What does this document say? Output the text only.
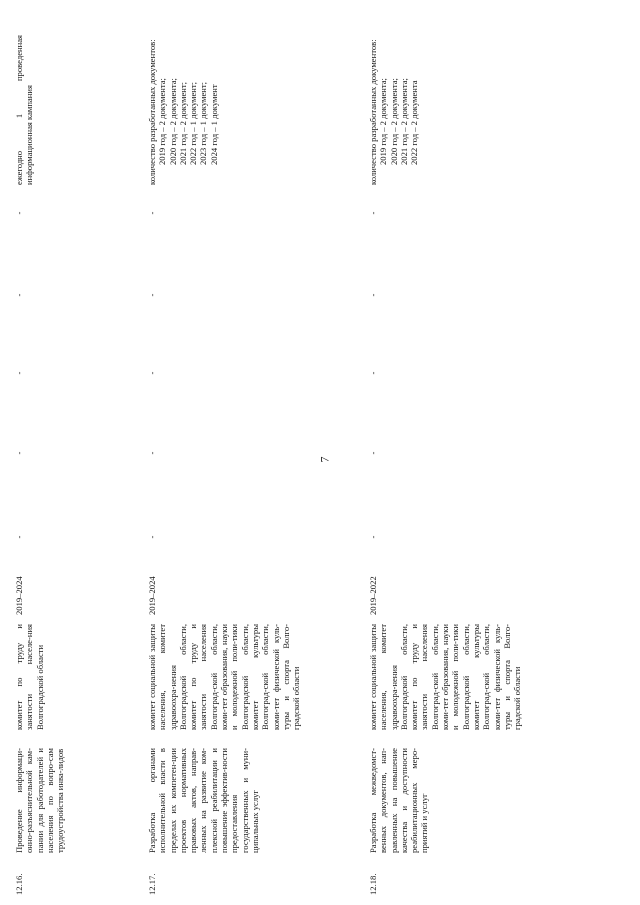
7
12.16.
Проведение информаци-онно-разъяснительной кам-пании для работодателей и населения по вопро-сам трудоустройства инва-лидов
комитет по труду и занятости населе-ния Волгоградской области
2019–2024
-
-
-
-
-
ежегодно 1 проведенная информационная кампания
12.17.
Разработка органами исполнительной власти в пределах их компетен-ции проектов нормативных правовых актов, направ-ленных на развитие ком-плексной реабилитации и повышение эффектив-ности предоставления государственных и муни-ципальных услуг
комитет социальной защиты населения, комитет здравоохра-нения Волгоградской области, комитет по труду и занятости населения Волгоград-ской области, коми-тет образования, науки и молодежной поли-тики Волгоградской области, комитет культуры Волгоград-ской области, коми-тет физической куль-туры и спорта Волго-градской области
2019–2024
-
-
-
-
-
количество разработанных документов: 2019 год – 2 документа; 2020 год – 2 документа; 2021 год – 2 документ; 2022 год – 1 документ; 2023 год – 1 документ; 2024 год – 1 документ
12.18.
Разработка межведомст-венных документов, нап-равленных на повышение качества и доступности реабилитационных меро-приятий и услуг
комитет социальной защиты населения, комитет здравоохра-нения Волгоградской области, комитет по труду и занятости населения Волгоград-ской области, коми-тет образования, науки и молодежной поли-тики Волгоградской области, комитет культуры Волгоград-ской области, коми-тет физической куль-туры и спорта Волго-градской области
2019–2022
-
-
-
-
-
количество разработанных документов: 2019 год – 2 документа; 2020 год – 2 документа; 2021 год – 2 документа; 2022 год – 2 документа
